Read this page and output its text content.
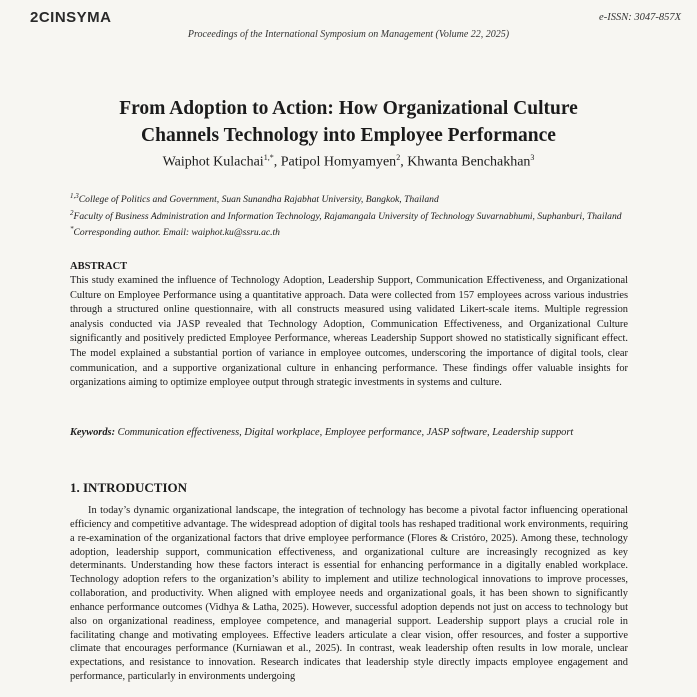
2CINSYMA	e-ISSN: 3047-857X
Proceedings of the International Symposium on Management (Volume 22, 2025)
From Adoption to Action: How Organizational Culture
Channels Technology into Employee Performance
Waiphot Kulachai$^{1,*}$, Patipol Homyamyen$^2$, Khwanta Benchakhan$^3$
$^{1,3}$College of Politics and Government, Suan Sunandha Rajabhat University, Bangkok, Thailand
$^2$Faculty of Business Administration and Information Technology, Rajamangala University of Technology Suvarnabhumi, Suphanburi, Thailand
*Corresponding author. Email: waiphot.ku@ssru.ac.th
ABSTRACT
This study examined the influence of Technology Adoption, Leadership Support, Communication Effectiveness, and Organizational Culture on Employee Performance using a quantitative approach. Data were collected from 157 employees across various industries through a structured online questionnaire, with all constructs measured using validated Likert-scale items. Multiple regression analysis conducted via JASP revealed that Technology Adoption, Communication Effectiveness, and Organizational Culture significantly and positively predicted Employee Performance, whereas Leadership Support showed no statistically significant effect. The model explained a substantial portion of variance in employee outcomes, underscoring the importance of digital tools, clear communication, and a supportive organizational culture in enhancing performance. These findings offer valuable insights for organizations aiming to optimize employee output through strategic investments in systems and culture.
Keywords: Communication effectiveness, Digital workplace, Employee performance, JASP software, Leadership support
1. INTRODUCTION
In today’s dynamic organizational landscape, the integration of technology has become a pivotal factor influencing operational efficiency and competitive advantage. The widespread adoption of digital tools has reshaped traditional work environments, requiring a re-examination of the organizational factors that drive employee performance (Flores & Cristóro, 2025). Among these, technology adoption, leadership support, communication effectiveness, and organizational culture are increasingly recognized as key determinants. Understanding how these factors interact is essential for enhancing performance in a digitally enabled workplace. Technology adoption refers to the organization’s ability to implement and utilize technological innovations to improve processes, collaboration, and productivity. When aligned with employee needs and organizational goals, it has been shown to significantly enhance performance outcomes (Vidhya & Latha, 2025). However, successful adoption depends not just on access to technology but also on organizational readiness, employee competence, and managerial support. Leadership support plays a crucial role in facilitating change and motivating employees. Effective leaders articulate a clear vision, offer resources, and foster a supportive climate that encourages performance (Kurniawan et al., 2025). In contrast, weak leadership often results in low morale, unclear expectations, and resistance to innovation. Research indicates that leadership style directly impacts employee engagement and performance, particularly in environments undergoing
